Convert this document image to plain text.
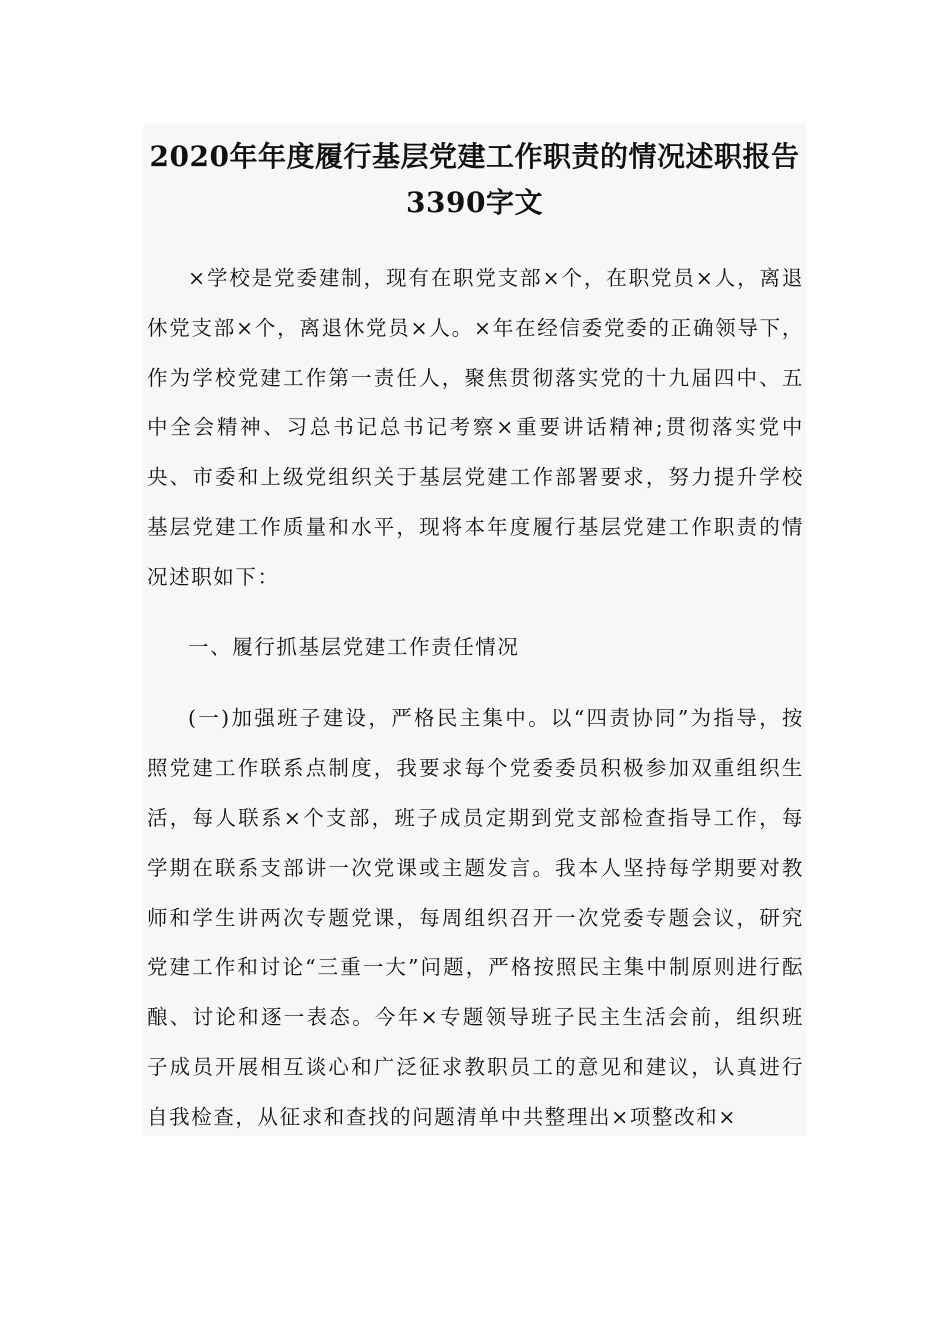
2020年年度履行基层党建工作职责的情况述职报告
3390字文

×学校是党委建制，现有在职党支部×个，在职党员×人，离退休党支部×个，离退休党员×人。×年在经信委党委的正确领导下，作为学校党建工作第一责任人，聚焦贯彻落实党的十九届四中、五中全会精神、习总书记总书记考察×重要讲话精神;贯彻落实党中央、市委和上级党组织关于基层党建工作部署要求，努力提升学校基层党建工作质量和水平，现将本年度履行基层党建工作职责的情况述职如下：

一、履行抓基层党建工作责任情况

(一)加强班子建设，严格民主集中。以“四责协同”为指导，按照党建工作联系点制度，我要求每个党委委员积极参加双重组织生活，每人联系×个支部，班子成员定期到党支部检查指导工作，每学期在联系支部讲一次党课或主题发言。我本人坚持每学期要对教师和学生讲两次专题党课，每周组织召开一次党委专题会议，研究党建工作和讨论“三重一大”问题，严格按照民主集中制原则进行酝酿、讨论和逐一表态。今年×专题领导班子民主生活会前，组织班子成员开展相互谈心和广泛征求教职员工的意见和建议，认真进行自我检查，从征求和查找的问题清单中共整理出×项整改和×
